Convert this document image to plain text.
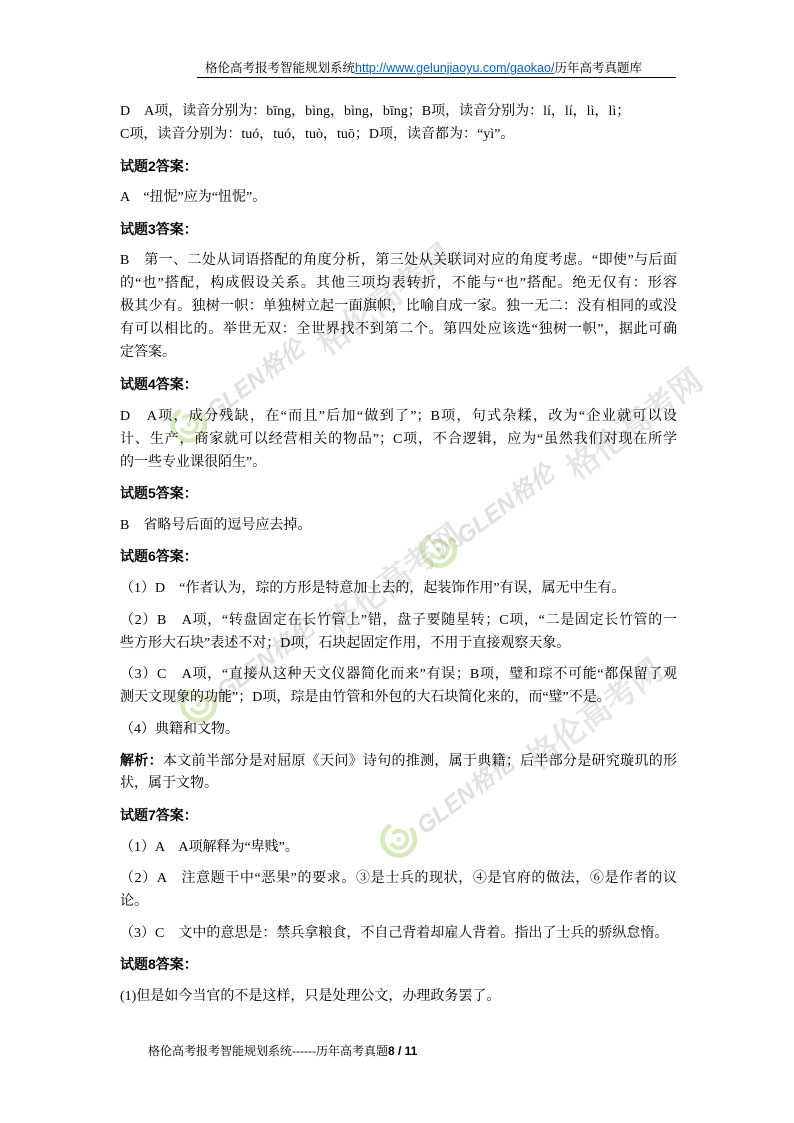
格伦高考报考智能规划系统http://www.gelunjiaoyu.com/gaokao/历年高考真题库
GLEN格伦
格伦高考网
GLEN格伦
格伦高考网
GLEN格伦
格伦高考网
GLEN格伦
格伦高考网
D　A项，读音分别为：bīng，bìng，bìng，bīng；B项，读音分别为：lí，lí，lì，lì；
C项，读音分别为：tuó，tuó，tuò，tuō；D项，读音都为：“yì”。
试题2答案：
A　“扭怩”应为“忸怩”。
试题3答案：
B　第一、二处从词语搭配的角度分析，第三处从关联词对应的角度考虑。“即使”与后面
的“也”搭配，构成假设关系。其他三项均表转折，不能与“也”搭配。绝无仅有：形容
极其少有。独树一帜：单独树立起一面旗帜，比喻自成一家。独一无二：没有相同的或没
有可以相比的。举世无双：全世界找不到第二个。第四处应该选“独树一帜”，据此可确
定答案。
试题4答案：
D　A项，成分残缺，在“而且”后加“做到了”；B项，句式杂糅，改为“企业就可以设
计、生产，商家就可以经营相关的物品”；C项，不合逻辑，应为“虽然我们对现在所学
的一些专业课很陌生”。
试题5答案：
B　省略号后面的逗号应去掉。
试题6答案：
（1）D　“作者认为，琮的方形是特意加上去的，起装饰作用”有误，属无中生有。
（2）B　A项，“转盘固定在长竹管上”错，盘子要随星转；C项，“二是固定长竹管的一
些方形大石块”表述不对；D项，石块起固定作用，不用于直接观察天象。
（3）C　A项，“直接从这种天文仪器简化而来”有误；B项，璧和琮不可能“都保留了观
测天文现象的功能”；D项，琮是由竹管和外包的大石块简化来的，而“璧”不是。
（4）典籍和文物。
解析：本文前半部分是对屈原《天问》诗句的推测，属于典籍；后半部分是研究璇玑的形
状，属于文物。
试题7答案：
（1）A　A项解释为“卑贱”。
（2）A　注意题干中“恶果”的要求。③是士兵的现状，④是官府的做法，⑥是作者的议
论。
（3）C　文中的意思是：禁兵拿粮食，不自己背着却雇人背着。指出了士兵的骄纵怠惰。
试题8答案：
(1)但是如今当官的不是这样，只是处理公文，办理政务罢了。
格伦高考报考智能规划系统------历年高考真题8 / 11
